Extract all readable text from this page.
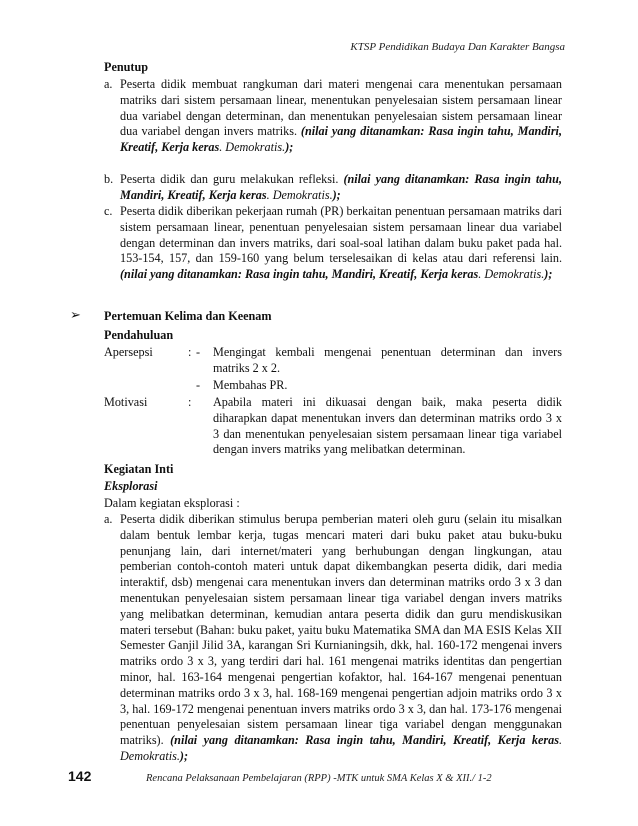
KTSP Pendidikan Budaya Dan Karakter Bangsa
Penutup
a. Peserta didik membuat rangkuman dari materi mengenai cara menentukan persamaan matriks dari sistem persamaan linear, menentukan penyelesaian sistem persamaan linear dua variabel dengan determinan, dan menentukan penyelesaian sistem persamaan linear dua variabel dengan invers matriks. (nilai yang ditanamkan: Rasa ingin tahu, Mandiri, Kreatif, Kerja keras. Demokratis.);
b. Peserta didik dan guru melakukan refleksi. (nilai yang ditanamkan: Rasa ingin tahu, Mandiri, Kreatif, Kerja keras. Demokratis.);
c. Peserta didik diberikan pekerjaan rumah (PR) berkaitan penentuan persamaan matriks dari sistem persamaan linear, penentuan penyelesaian sistem persamaan linear dua variabel dengan determinan dan invers matriks, dari soal-soal latihan dalam buku paket pada hal. 153-154, 157, dan 159-160 yang belum terselesaikan di kelas atau dari referensi lain. (nilai yang ditanamkan: Rasa ingin tahu, Mandiri, Kreatif, Kerja keras. Demokratis.);
➢ Pertemuan Kelima dan Keenam
Pendahuluan
Apersepsi	: - Mengingat kembali mengenai penentuan determinan dan invers matriks 2 x 2.
- Membahas PR.
Motivasi	: Apabila materi ini dikuasai dengan baik, maka peserta didik diharapkan dapat menentukan invers dan determinan matriks ordo 3 x 3 dan menentukan penyelesaian sistem persamaan linear tiga variabel dengan invers matriks yang melibatkan determinan.
Kegiatan Inti
Eksplorasi
Dalam kegiatan eksplorasi :
a. Peserta didik diberikan stimulus berupa pemberian materi oleh guru (selain itu misalkan dalam bentuk lembar kerja, tugas mencari materi dari buku paket atau buku-buku penunjang lain, dari internet/materi yang berhubungan dengan lingkungan, atau pemberian contoh-contoh materi untuk dapat dikembangkan peserta didik, dari media interaktif, dsb) mengenai cara menentukan invers dan determinan matriks ordo 3 x 3 dan menentukan penyelesaian sistem persamaan linear tiga variabel dengan invers matriks yang melibatkan determinan, kemudian antara peserta didik dan guru mendiskusikan materi tersebut (Bahan: buku paket, yaitu buku Matematika SMA dan MA ESIS Kelas XII Semester Ganjil Jilid 3A, karangan Sri Kurnianingsih, dkk, hal. 160-172 mengenai invers matriks ordo 3 x 3, yang terdiri dari hal. 161 mengenai matriks identitas dan pengertian minor, hal. 163-164 mengenai pengertian kofaktor, hal. 164-167 mengenai penentuan determinan matriks ordo 3 x 3, hal. 168-169 mengenai pengertian adjoin matriks ordo 3 x 3, hal. 169-172 mengenai penentuan invers matriks ordo 3 x 3, dan hal. 173-176 mengenai penentuan penyelesaian sistem persamaan linear tiga variabel dengan menggunakan matriks). (nilai yang ditanamkan: Rasa ingin tahu, Mandiri, Kreatif, Kerja keras. Demokratis.);
142	Rencana Pelaksanaan Pembelajaran (RPP) -MTK untuk SMA Kelas X & XII./ 1-2
